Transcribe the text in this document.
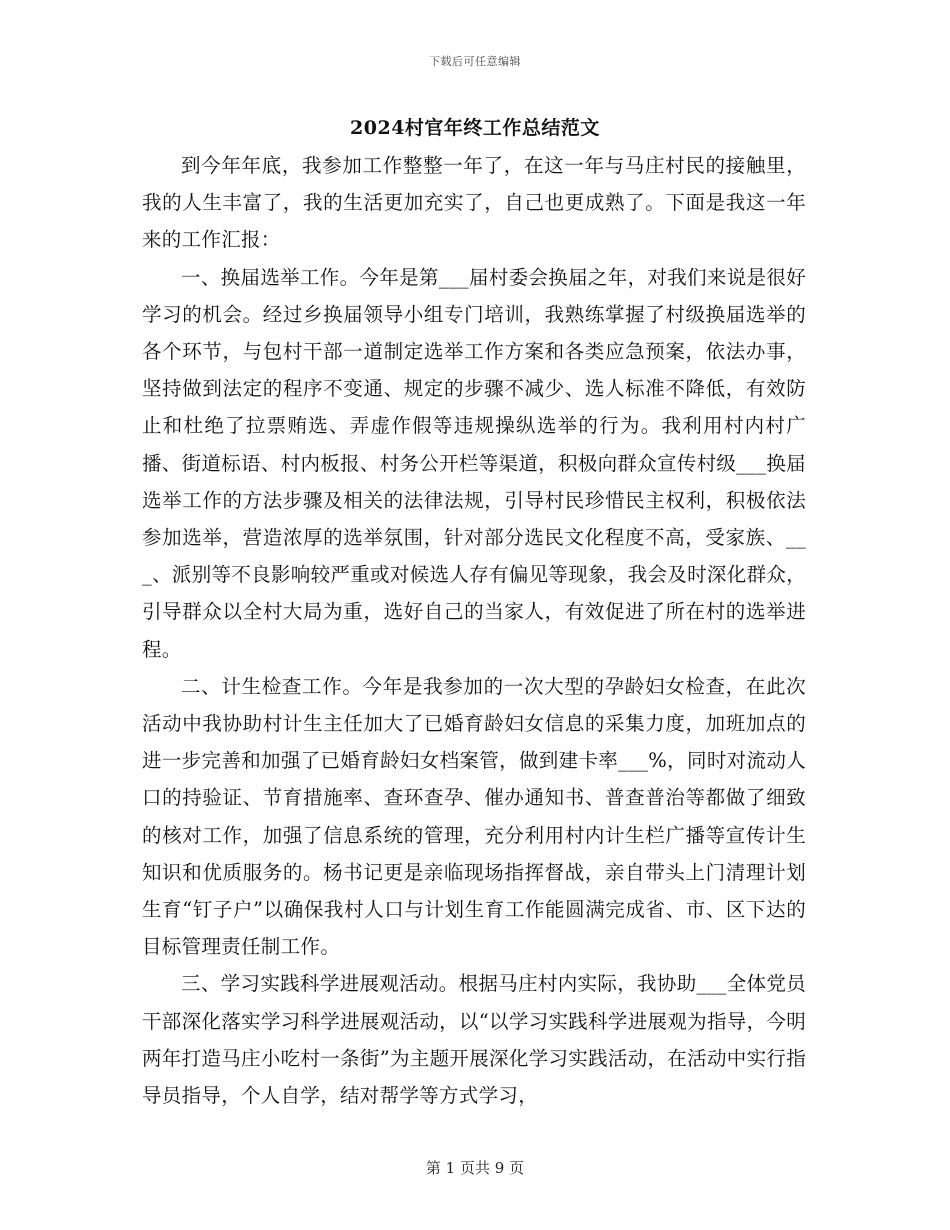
下载后可任意编辑
2024村官年终工作总结范文

到今年年底，我参加工作整整一年了，在这一年与马庄村民的接触里，我的人生丰富了，我的生活更加充实了，自己也更成熟了。下面是我这一年来的工作汇报：

一、换届选举工作。今年是第___届村委会换届之年，对我们来说是很好学习的机会。经过乡换届领导小组专门培训，我熟练掌握了村级换届选举的各个环节，与包村干部一道制定选举工作方案和各类应急预案，依法办事，坚持做到法定的程序不变通、规定的步骤不减少、选人标准不降低，有效防止和杜绝了拉票贿选、弄虚作假等违规操纵选举的行为。我利用村内村广播、街道标语、村内板报、村务公开栏等渠道，积极向群众宣传村级___换届选举工作的方法步骤及相关的法律法规，引导村民珍惜民主权利，积极依法参加选举，营造浓厚的选举氛围，针对部分选民文化程度不高，受家族、___、派别等不良影响较严重或对候选人存有偏见等现象，我会及时深化群众，引导群众以全村大局为重，选好自己的当家人，有效促进了所在村的选举进程。

二、计生检查工作。今年是我参加的一次大型的孕龄妇女检查，在此次活动中我协助村计生主任加大了已婚育龄妇女信息的采集力度，加班加点的进一步完善和加强了已婚育龄妇女档案管，做到建卡率___%，同时对流动人口的持验证、节育措施率、查环查孕、催办通知书、普查普治等都做了细致的核对工作，加强了信息系统的管理，充分利用村内计生栏广播等宣传计生知识和优质服务的。杨书记更是亲临现场指挥督战，亲自带头上门清理计划生育“钉子户”以确保我村人口与计划生育工作能圆满完成省、市、区下达的目标管理责任制工作。

三、学习实践科学进展观活动。根据马庄村内实际，我协助___全体党员干部深化落实学习科学进展观活动，以“以学习实践科学进展观为指导，今明两年打造马庄小吃村一条街”为主题开展深化学习实践活动，在活动中实行指导员指导，个人自学，结对帮学等方式学习，

第 1 页共 9 页
